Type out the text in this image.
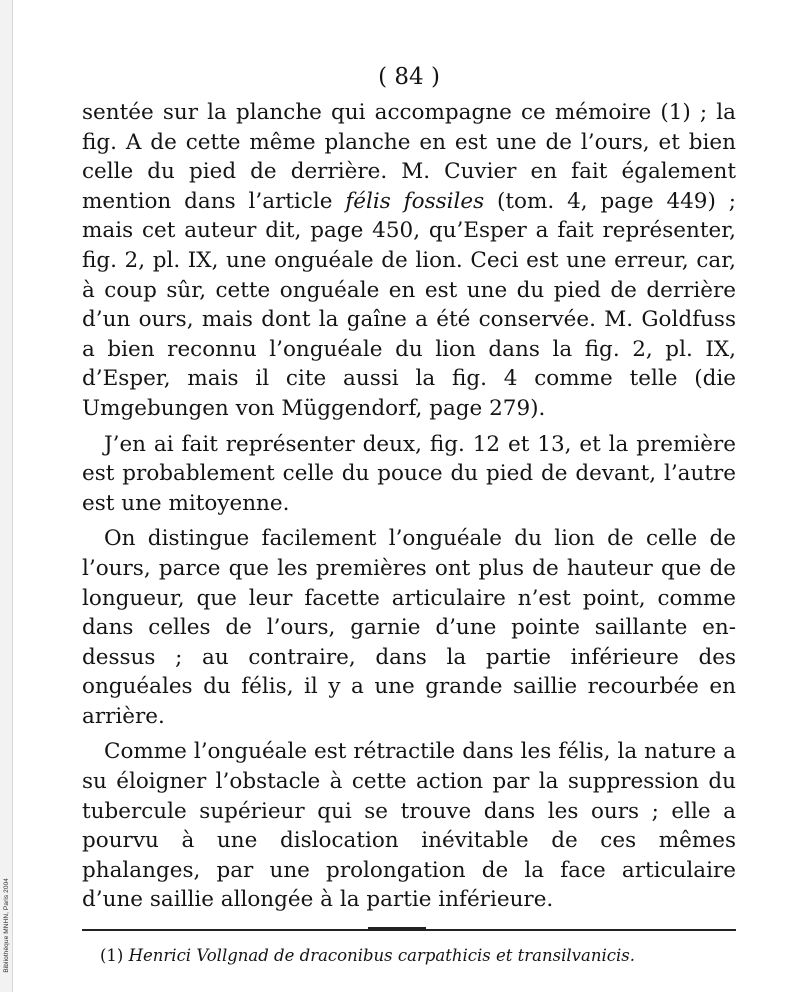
Bibliothèque MNHN, Paris 2004
( 84 )

sentée sur la planche qui accompagne ce mémoire (1) ; la fig. A de cette même planche en est une de l’ours, et bien celle du pied de derrière. M. Cuvier en fait également mention dans l’article félis fossiles (tom. 4, page 449) ; mais cet auteur dit, page 450, qu’Esper a fait représenter, fig. 2, pl. IX, une onguéale de lion. Ceci est une erreur, car, à coup sûr, cette onguéale en est une du pied de derrière d’un ours, mais dont la gaîne a été conservée. M. Goldfuss a bien reconnu l’onguéale du lion dans la fig. 2, pl. IX, d’Esper, mais il cite aussi la fig. 4 comme telle (die Umgebungen von Müggendorf, page 279).

J’en ai fait représenter deux, fig. 12 et 13, et la première est probablement celle du pouce du pied de devant, l’autre est une mitoyenne.

On distingue facilement l’onguéale du lion de celle de l’ours, parce que les premières ont plus de hauteur que de longueur, que leur facette articulaire n’est point, comme dans celles de l’ours, garnie d’une pointe saillante en-dessus ; au contraire, dans la partie inférieure des onguéales du félis, il y a une grande saillie recourbée en arrière.

Comme l’onguéale est rétractile dans les félis, la nature a su éloigner l’obstacle à cette action par la suppression du tubercule supérieur qui se trouve dans les ours ; elle a pourvu à une dislocation inévitable de ces mêmes phalanges, par une prolongation de la face articulaire d’une saillie allongée à la partie inférieure.

(1) Henrici Vollgnad de draconibus carpathicis et transilvanicis.
